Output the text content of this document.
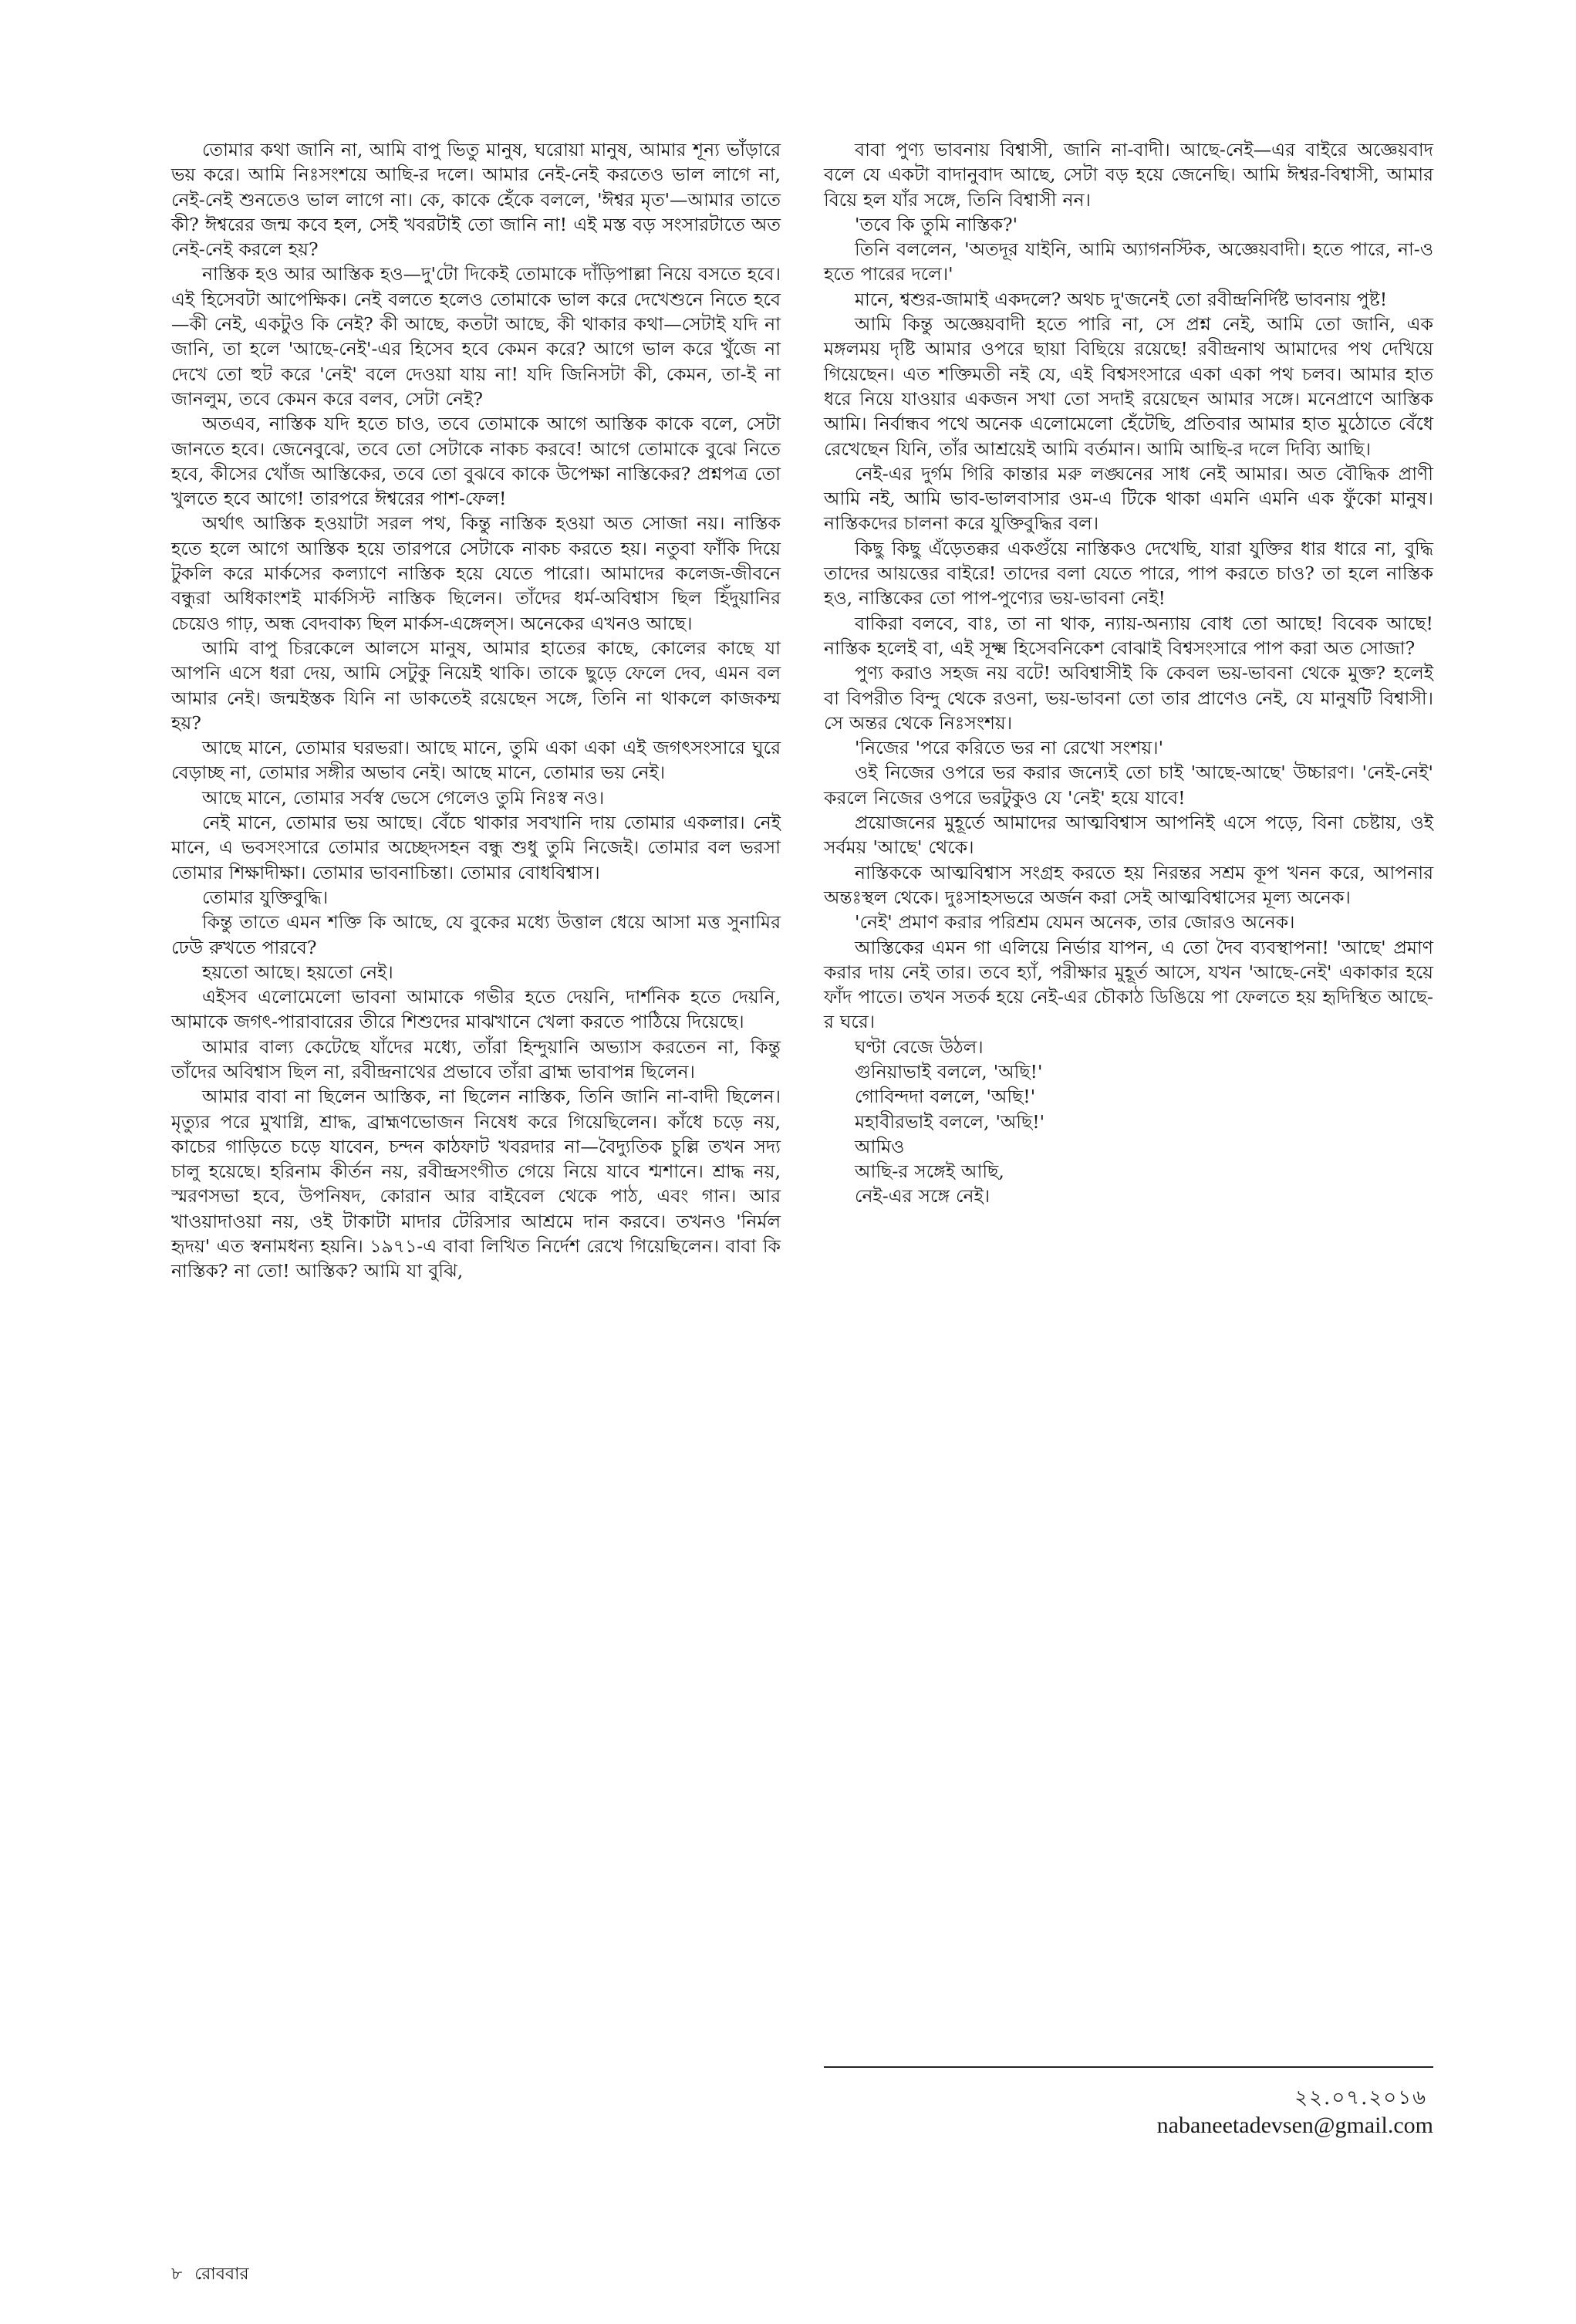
তোমার কথা জানি না, আমি বাপু ভিতু মানুষ, ঘরোয়া মানুষ, আমার শূন্য ভাঁড়ারে ভয় করে। আমি নিঃসংশয়ে আছি-র দলে। আমার নেই-নেই করতেও ভাল লাগে না, নেই-নেই শুনতেও ভাল লাগে না। কে, কাকে হেঁকে বললে, 'ঈশ্বর মৃত'—আমার তাতে কী? ঈশ্বরের জন্ম কবে হল, সেই খবরটাই তো জানি না! এই মস্ত বড় সংসারটাতে অত নেই-নেই করলে হয়?

নাস্তিক হও আর আস্তিক হও—দু'টো দিকেই তোমাকে দাঁড়িপাল্লা নিয়ে বসতে হবে। এই হিসেবটা আপেক্ষিক। নেই বলতে হলেও তোমাকে ভাল করে দেখেশুনে নিতে হবে—কী নেই, একটুও কি নেই? কী আছে, কতটা আছে, কী থাকার কথা—সেটাই যদি না জানি, তা হলে 'আছে-নেই'-এর হিসেব হবে কেমন করে? আগে ভাল করে খুঁজে না দেখে তো হুট করে 'নেই' বলে দেওয়া যায় না! যদি জিনিসটা কী, কেমন, তা-ই না জানলুম, তবে কেমন করে বলব, সেটা নেই?

অতএব, নাস্তিক যদি হতে চাও, তবে তোমাকে আগে আস্তিক কাকে বলে, সেটা জানতে হবে। জেনেবুঝে, তবে তো সেটাকে নাকচ করবে! আগে তোমাকে বুঝে নিতে হবে, কীসের খোঁজ আস্তিকের, তবে তো বুঝবে কাকে উপেক্ষা নাস্তিকের? প্রশ্নপত্র তো খুলতে হবে আগে! তারপরে ঈশ্বরের পাশ-ফেল!

অর্থাৎ আস্তিক হওয়াটা সরল পথ, কিন্তু নাস্তিক হওয়া অত সোজা নয়। নাস্তিক হতে হলে আগে আস্তিক হয়ে তারপরে সেটাকে নাকচ করতে হয়। নতুবা ফাঁকি দিয়ে টুকলি করে মার্কসের কল্যাণে নাস্তিক হয়ে যেতে পারো। আমাদের কলেজ-জীবনে বন্ধুরা অধিকাংশই মার্কসিস্ট নাস্তিক ছিলেন। তাঁদের ধর্ম-অবিশ্বাস ছিল হিঁদুয়ানির চেয়েও গাঢ়, অন্ধ বেদবাক্য ছিল মার্কস-এঙ্গেল্স। অনেকের এখনও আছে।

আমি বাপু চিরকেলে আলসে মানুষ, আমার হাতের কাছে, কোলের কাছে যা আপনি এসে ধরা দেয়, আমি সেটুকু নিয়েই থাকি। তাকে ছুড়ে ফেলে দেব, এমন বল আমার নেই। জন্মইস্তক যিনি না ডাকতেই রয়েছেন সঙ্গে, তিনি না থাকলে কাজকম্ম হয়?

আছে মানে, তোমার ঘরভরা। আছে মানে, তুমি একা একা এই জগৎসংসারে ঘুরে বেড়াচ্ছ না, তোমার সঙ্গীর অভাব নেই। আছে মানে, তোমার ভয় নেই।

আছে মানে, তোমার সর্বস্ব ভেসে গেলেও তুমি নিঃস্ব নও।

নেই মানে, তোমার ভয় আছে। বেঁচে থাকার সবখানি দায় তোমার একলার। নেই মানে, এ ভবসংসারে তোমার অচ্ছেদসহন বন্ধু শুধু তুমি নিজেই। তোমার বল ভরসা তোমার শিক্ষাদীক্ষা। তোমার ভাবনাচিন্তা। তোমার বোধবিশ্বাস।

তোমার যুক্তিবুদ্ধি।

কিন্তু তাতে এমন শক্তি কি আছে, যে বুকের মধ্যে উত্তাল ধেয়ে আসা মত্ত সুনামির ঢেউ রুখতে পারবে?

হয়তো আছে। হয়তো নেই।

এইসব এলোমেলো ভাবনা আমাকে গভীর হতে দেয়নি, দার্শনিক হতে দেয়নি, আমাকে জগৎ-পারাবারের তীরে শিশুদের মাঝখানে খেলা করতে পাঠিয়ে দিয়েছে।

আমার বাল্য কেটেছে যাঁদের মধ্যে, তাঁরা হিন্দুয়ানি অভ্যাস করতেন না, কিন্তু তাঁদের অবিশ্বাস ছিল না, রবীন্দ্রনাথের প্রভাবে তাঁরা ব্রাহ্ম ভাবাপন্ন ছিলেন।

আমার বাবা না ছিলেন আস্তিক, না ছিলেন নাস্তিক, তিনি জানি না-বাদী ছিলেন। মৃত্যুর পরে মুখাগ্নি, শ্রাদ্ধ, ব্রাহ্মণভোজন নিষেধ করে গিয়েছিলেন। কাঁধে চড়ে নয়, কাচের গাড়িতে চড়ে যাবেন, চন্দন কাঠফাট খবরদার না—বৈদ্যুতিক চুল্লি তখন সদ্য চালু হয়েছে। হরিনাম কীর্তন নয়, রবীন্দ্রসংগীত গেয়ে নিয়ে যাবে শ্মশানে। শ্রাদ্ধ নয়, স্মরণসভা হবে, উপনিষদ, কোরান আর বাইবেল থেকে পাঠ, এবং গান। আর খাওয়াদাওয়া নয়, ওই টাকাটা মাদার টেরিসার আশ্রমে দান করবে। তখনও 'নির্মল হৃদয়' এত স্বনামধন্য হয়নি। ১৯৭১-এ বাবা লিখিত নির্দেশ রেখে গিয়েছিলেন। বাবা কি নাস্তিক? না তো! আস্তিক? আমি যা বুঝি,

বাবা পুণ্য ভাবনায় বিশ্বাসী, জানি না-বাদী। আছে-নেই—এর বাইরে অজ্ঞেয়বাদ বলে যে একটা বাদানুবাদ আছে, সেটা বড় হয়ে জেনেছি। আমি ঈশ্বর-বিশ্বাসী, আমার বিয়ে হল যাঁর সঙ্গে, তিনি বিশ্বাসী নন।

'তবে কি তুমি নাস্তিক?'

তিনি বললেন, 'অতদূর যাইনি, আমি অ্যাগনস্টিক, অজ্ঞেয়বাদী। হতে পারে, না-ও হতে পারের দলে।'

মানে, শ্বশুর-জামাই একদলে? অথচ দু'জনেই তো রবীন্দ্রনির্দিষ্ট ভাবনায় পুষ্ট!

আমি কিন্তু অজ্ঞেয়বাদী হতে পারি না, সে প্রশ্ন নেই, আমি তো জানি, এক মঙ্গলময় দৃষ্টি আমার ওপরে ছায়া বিছিয়ে রয়েছে! রবীন্দ্রনাথ আমাদের পথ দেখিয়ে গিয়েছেন। এত শক্তিমতী নই যে, এই বিশ্বসংসারে একা একা পথ চলব। আমার হাত ধরে নিয়ে যাওয়ার একজন সখা তো সদাই রয়েছেন আমার সঙ্গে। মনেপ্রাণে আস্তিক আমি। নির্বান্ধব পথে অনেক এলোমেলো হেঁটেছি, প্রতিবার আমার হাত মুঠোতে বেঁধে রেখেছেন যিনি, তাঁর আশ্রয়েই আমি বর্তমান। আমি আছি-র দলে দিব্যি আছি।

নেই-এর দুর্গম গিরি কান্তার মরু লঙ্ঘনের সাধ নেই আমার। অত বৌদ্ধিক প্রাণী আমি নই, আমি ভাব-ভালবাসার ওম-এ টিকে থাকা এমনি এমনি এক ফুঁকো মানুষ। নাস্তিকদের চালনা করে যুক্তিবুদ্ধির বল।

কিছু কিছু এঁড়েতক্কর একগুঁয়ে নাস্তিকও দেখেছি, যারা যুক্তির ধার ধারে না, বুদ্ধি তাদের আয়ত্তের বাইরে! তাদের বলা যেতে পারে, পাপ করতে চাও? তা হলে নাস্তিক হও, নাস্তিকের তো পাপ-পুণ্যের ভয়-ভাবনা নেই!

বাকিরা বলবে, বাঃ, তা না থাক, ন্যায়-অন্যায় বোধ তো আছে! বিবেক আছে! নাস্তিক হলেই বা, এই সূক্ষ্ম হিসেবনিকেশ বোঝাই বিশ্বসংসারে পাপ করা অত সোজা?

পুণ্য করাও সহজ নয় বটে! অবিশ্বাসীই কি কেবল ভয়-ভাবনা থেকে মুক্ত? হলেই বা বিপরীত বিন্দু থেকে রওনা, ভয়-ভাবনা তো তার প্রাণেও নেই, যে মানুষটি বিশ্বাসী। সে অন্তর থেকে নিঃসংশয়।

'নিজের 'পরে করিতে ভর না রেখো সংশয়।'

ওই নিজের ওপরে ভর করার জন্যেই তো চাই 'আছে-আছে' উচ্চারণ। 'নেই-নেই' করলে নিজের ওপরে ভরটুকুও যে 'নেই' হয়ে যাবে!

প্রয়োজনের মুহূর্তে আমাদের আত্মবিশ্বাস আপনিই এসে পড়ে, বিনা চেষ্টায়, ওই সর্বময় 'আছে' থেকে।

নাস্তিককে আত্মবিশ্বাস সংগ্রহ করতে হয় নিরন্তর সশ্রম কূপ খনন করে, আপনার অন্তঃস্থল থেকে। দুঃসাহসভরে অর্জন করা সেই আত্মবিশ্বাসের মূল্য অনেক।

'নেই' প্রমাণ করার পরিশ্রম যেমন অনেক, তার জোরও অনেক।

আস্তিকের এমন গা এলিয়ে নির্ভার যাপন, এ তো দৈব ব্যবস্থাপনা! 'আছে' প্রমাণ করার দায় নেই তার। তবে হ্যাঁ, পরীক্ষার মুহূর্ত আসে, যখন 'আছে-নেই' একাকার হয়ে ফাঁদ পাতে। তখন সতর্ক হয়ে নেই-এর চৌকাঠ ডিঙিয়ে পা ফেলতে হয় হৃদিস্থিত আছে-র ঘরে।

ঘণ্টা বেজে উঠল।

গুনিয়াভাই বললে, 'অছি!'

গোবিন্দদা বললে, 'অছি!'

মহাবীরভাই বললে, 'অছি!'

আমিও

আছি-র সঙ্গেই আছি,

নেই-এর সঙ্গে নেই।

২২.০৭.২০১৬
nabaneetadevsen@gmail.com
৮ রোববার
